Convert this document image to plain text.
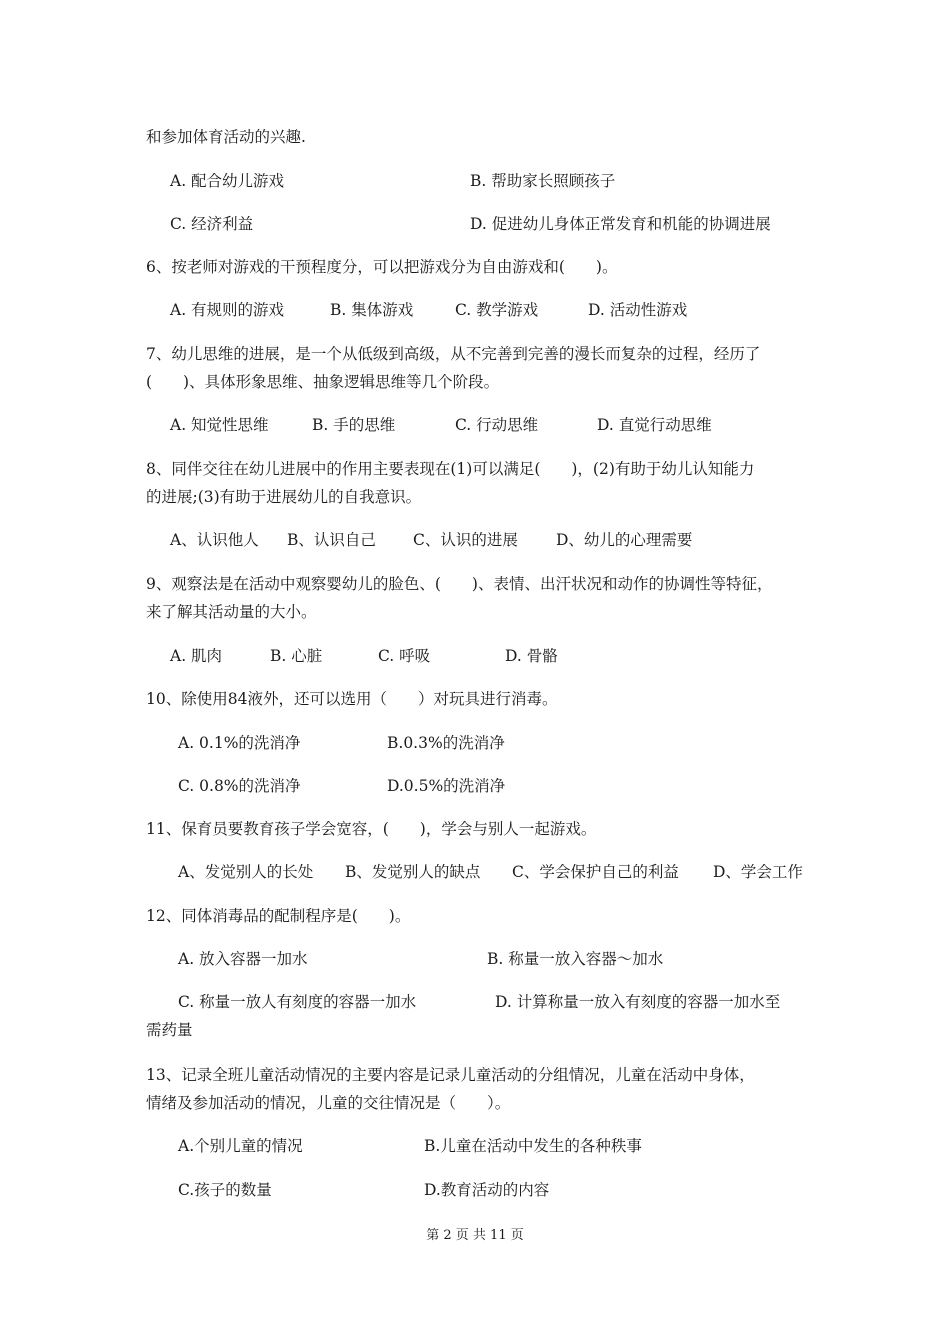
和参加体育活动的兴趣.
A. 配合幼儿游戏	B. 帮助家长照顾孩子
C. 经济利益	D. 促进幼儿身体正常发育和机能的协调进展
6、按老师对游戏的干预程度分，可以把游戏分为自由游戏和(　　)。
A. 有规则的游戏	B. 集体游戏	C. 教学游戏	D. 活动性游戏
7、幼儿思维的进展，是一个从低级到高级，从不完善到完善的漫长而复杂的过程，经历了
(　　)、具体形象思维、抽象逻辑思维等几个阶段。
A. 知觉性思维	B. 手的思维	C. 行动思维	D. 直觉行动思维
8、同伴交往在幼儿进展中的作用主要表现在(1)可以满足(　　)，(2)有助于幼儿认知能力
的进展;(3)有助于进展幼儿的自我意识。
A、认识他人 B、认识自己 C、认识的进展 D、幼儿的心理需要
9、观察法是在活动中观察婴幼儿的脸色、(　　)、表情、出汗状况和动作的协调性等特征，
来了解其活动量的大小。
A. 肌肉	B. 心脏	C. 呼吸	D. 骨骼
10、除使用84液外，还可以选用（　　）对玩具进行消毒。
A. 0.1%的洗消净	B.0.3%的洗消净
C. 0.8%的洗消净	D.0.5%的洗消净
11、保育员要教育孩子学会宽容，(　　)，学会与别人一起游戏。
A、发觉别人的长处 B、发觉别人的缺点 C、学会保护自己的利益 D、学会工作
12、同体消毒品的配制程序是(　　)。
A. 放入容器一加水	B. 称量一放入容器～加水
C. 称量一放人有刻度的容器一加水	D. 计算称量一放入有刻度的容器一加水至
需药量
13、记录全班儿童活动情况的主要内容是记录儿童活动的分组情况，儿童在活动中身体，
情绪及参加活动的情况，儿童的交往情况是（　　）。
A.个别儿童的情况	B.儿童在活动中发生的各种秩事
C.孩子的数量	D.教育活动的内容
第 2 页 共 11 页
